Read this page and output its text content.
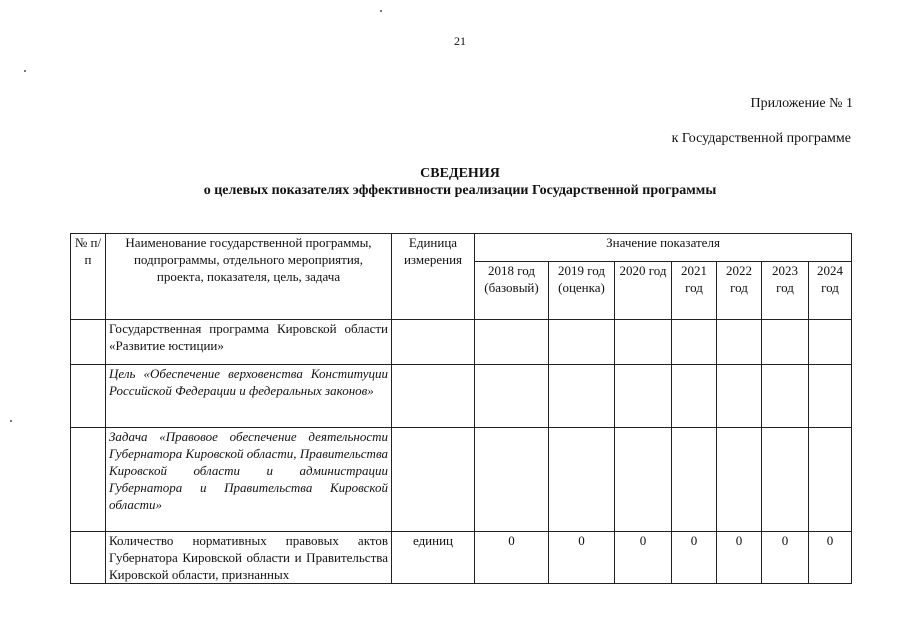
21
Приложение № 1
к Государственной программе
СВЕДЕНИЯ
о целевых показателях эффективности реализации Государственной программы
№ п/п	Наименование государственной программы, подпрограммы, отдельного мероприятия, проекта, показателя, цель, задача	Единица измерения	Значение показателя						
			2018 год (базовый)	2019 год (оценка)	2020 год	2021 год	2022 год	2023 год	2024 год
	Государственная программа Кировской области «Развитие юстиции»								
	Цель «Обеспечение верховенства Конституции Российской Федерации и федеральных законов»								
	Задача «Правовое обеспечение деятельности Губернатора Кировской области, Правительства Кировской области и администрации Губернатора и Правительства Кировской области»								
	Количество нормативных правовых актов Губернатора Кировской области и Правительства Кировской области, признанных	единиц	0	0	0	0	0	0	0
